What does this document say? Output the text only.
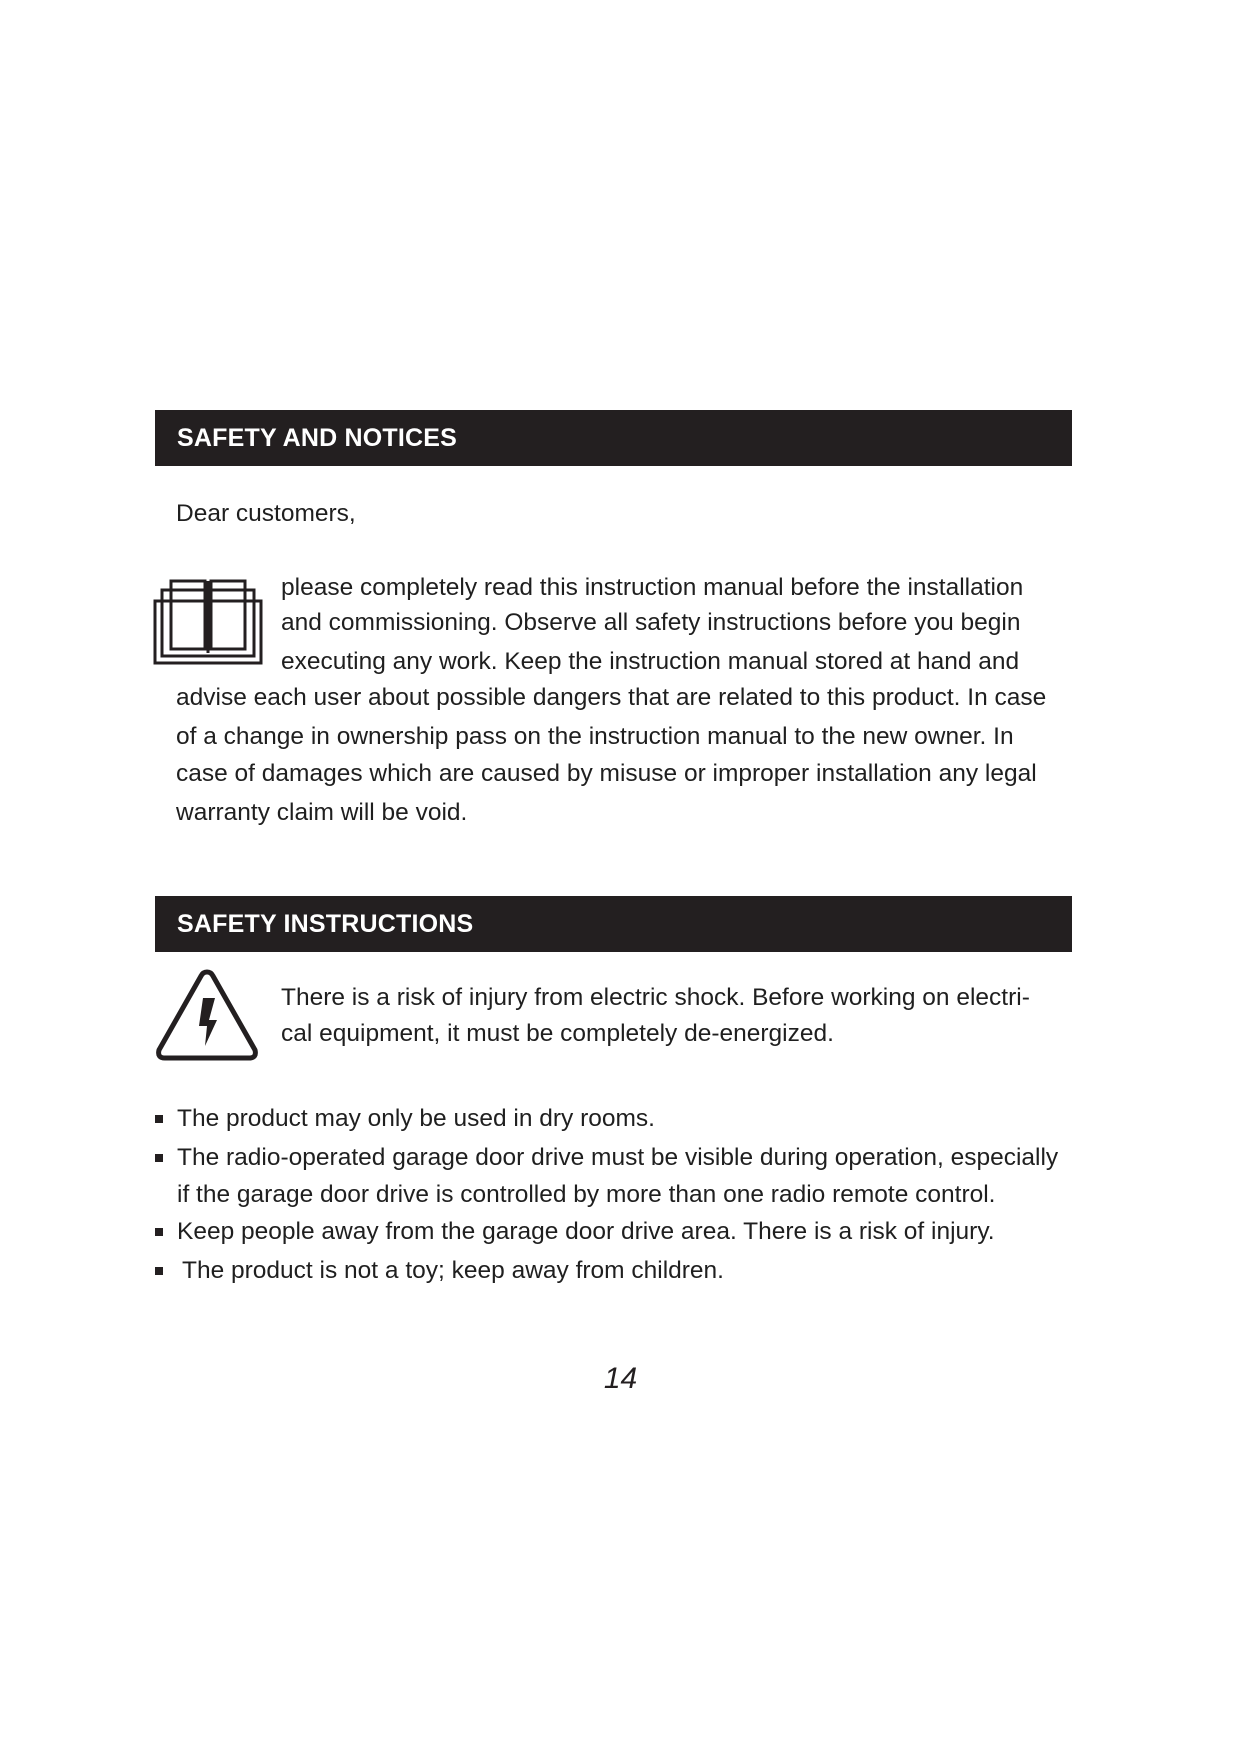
SAFETY AND NOTICES
Dear customers,
please completely read this instruction manual before the installation
and commissioning. Observe all safety instructions before you begin
executing any work. Keep the instruction manual stored at hand and
advise each user about possible dangers that are related to this product. In case
of a change in ownership pass on the instruction manual to the new owner. In
case of damages which are caused by misuse or improper installation any legal
warranty claim will be void.
SAFETY INSTRUCTIONS
There is a risk of injury from electric shock. Before working on electri-
cal equipment, it must be completely de-energized.
The product may only be used in dry rooms.
The radio-operated garage door drive must be visible during operation, especially
if the garage door drive is controlled by more than one radio remote control.
Keep people away from the garage door drive area. There is a risk of injury.
The product is not a toy; keep away from children.
14
